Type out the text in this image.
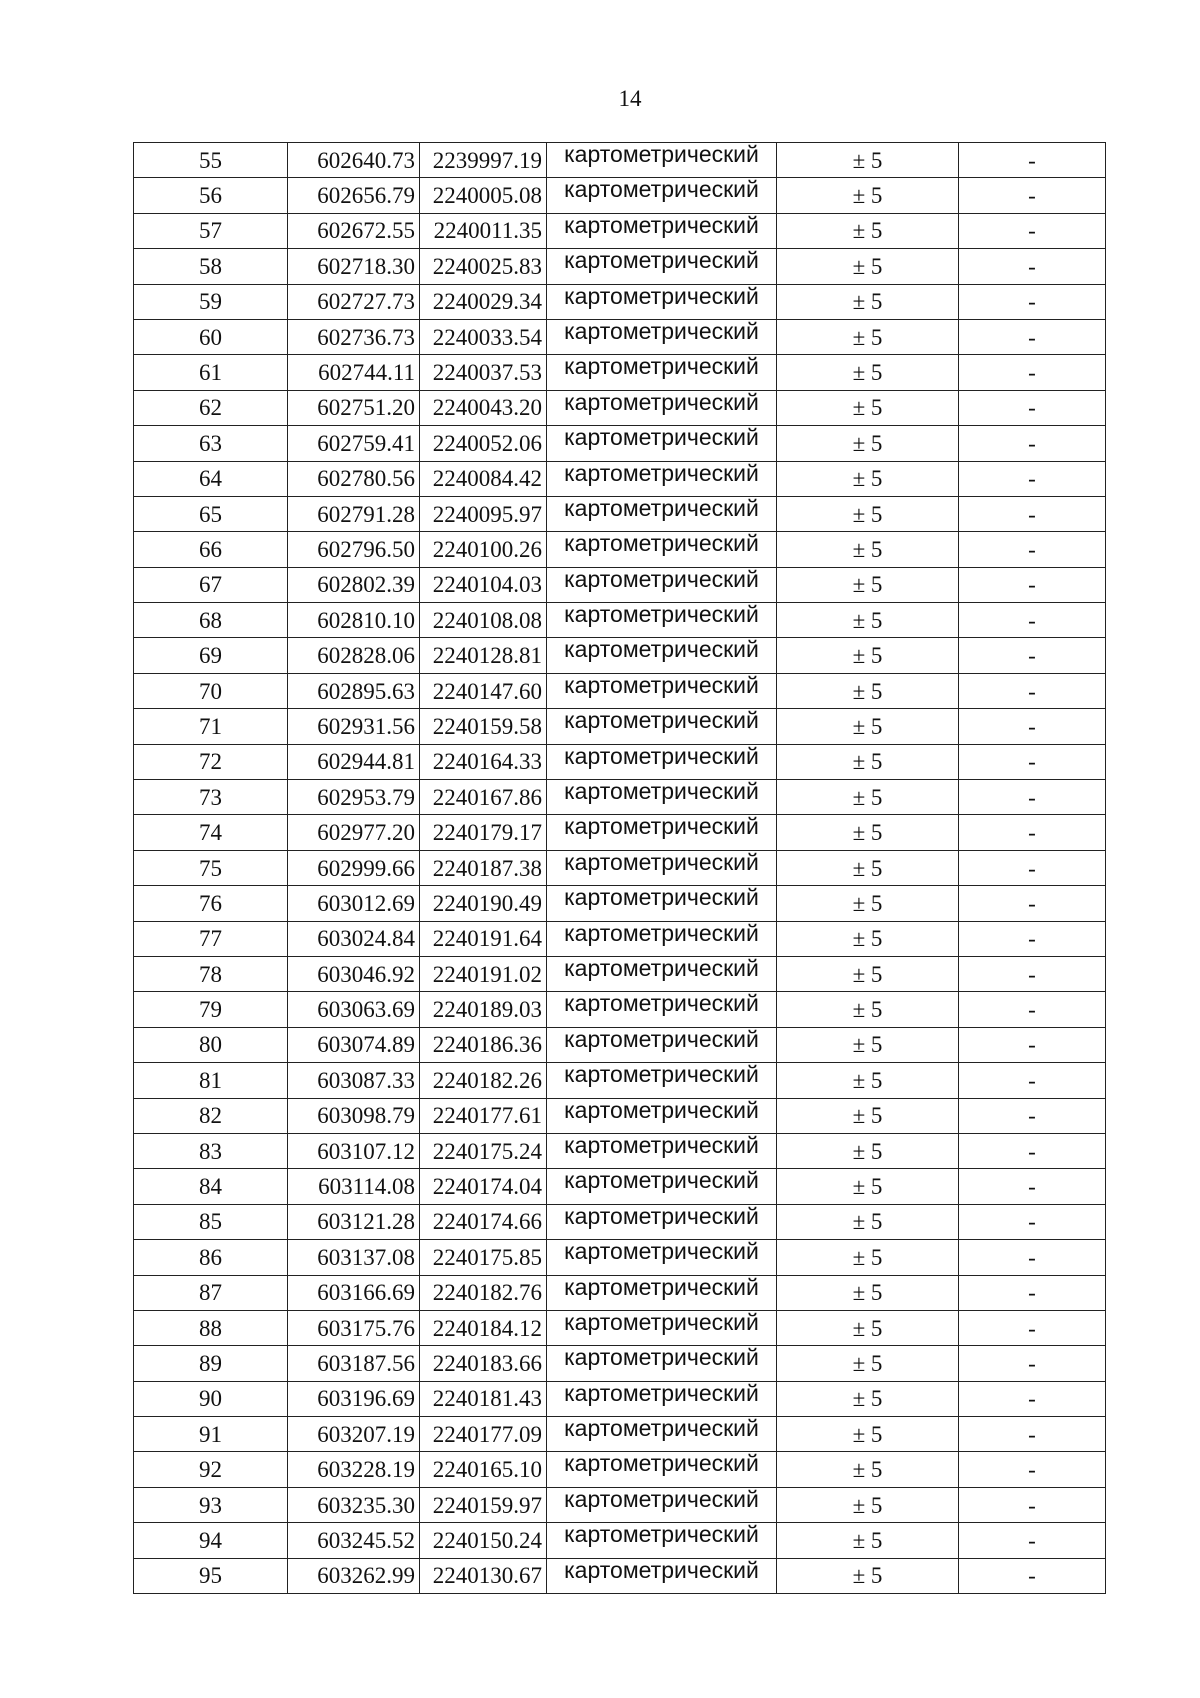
14
55	602640.73	2239997.19	картометрический	± 5	-
56	602656.79	2240005.08	картометрический	± 5	-
57	602672.55	2240011.35	картометрический	± 5	-
58	602718.30	2240025.83	картометрический	± 5	-
59	602727.73	2240029.34	картометрический	± 5	-
60	602736.73	2240033.54	картометрический	± 5	-
61	602744.11	2240037.53	картометрический	± 5	-
62	602751.20	2240043.20	картометрический	± 5	-
63	602759.41	2240052.06	картометрический	± 5	-
64	602780.56	2240084.42	картометрический	± 5	-
65	602791.28	2240095.97	картометрический	± 5	-
66	602796.50	2240100.26	картометрический	± 5	-
67	602802.39	2240104.03	картометрический	± 5	-
68	602810.10	2240108.08	картометрический	± 5	-
69	602828.06	2240128.81	картометрический	± 5	-
70	602895.63	2240147.60	картометрический	± 5	-
71	602931.56	2240159.58	картометрический	± 5	-
72	602944.81	2240164.33	картометрический	± 5	-
73	602953.79	2240167.86	картометрический	± 5	-
74	602977.20	2240179.17	картометрический	± 5	-
75	602999.66	2240187.38	картометрический	± 5	-
76	603012.69	2240190.49	картометрический	± 5	-
77	603024.84	2240191.64	картометрический	± 5	-
78	603046.92	2240191.02	картометрический	± 5	-
79	603063.69	2240189.03	картометрический	± 5	-
80	603074.89	2240186.36	картометрический	± 5	-
81	603087.33	2240182.26	картометрический	± 5	-
82	603098.79	2240177.61	картометрический	± 5	-
83	603107.12	2240175.24	картометрический	± 5	-
84	603114.08	2240174.04	картометрический	± 5	-
85	603121.28	2240174.66	картометрический	± 5	-
86	603137.08	2240175.85	картометрический	± 5	-
87	603166.69	2240182.76	картометрический	± 5	-
88	603175.76	2240184.12	картометрический	± 5	-
89	603187.56	2240183.66	картометрический	± 5	-
90	603196.69	2240181.43	картометрический	± 5	-
91	603207.19	2240177.09	картометрический	± 5	-
92	603228.19	2240165.10	картометрический	± 5	-
93	603235.30	2240159.97	картометрический	± 5	-
94	603245.52	2240150.24	картометрический	± 5	-
95	603262.99	2240130.67	картометрический	± 5	-
